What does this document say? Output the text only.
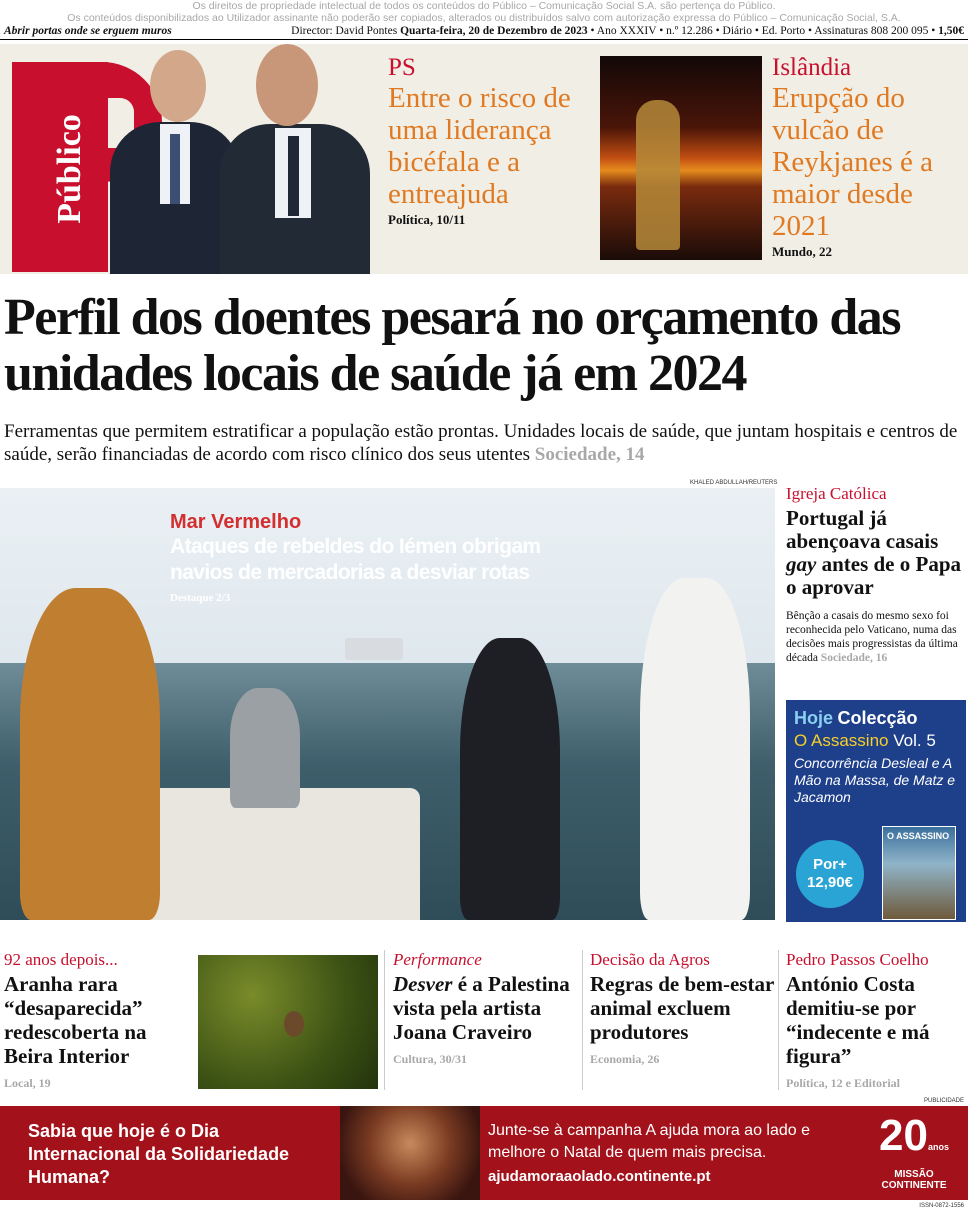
Os direitos de propriedade intelectual de todos os conteúdos do Público – Comunicação Social S.A. são pertença do Público.
Os conteúdos disponibilizados ao Utilizador assinante não poderão ser copiados, alterados ou distribuídos salvo com autorização expressa do Público – Comunicação Social, S.A.
Abrir portas onde se erguem muros	Director: David Pontes Quarta-feira, 20 de Dezembro de 2023 • Ano XXXIV • n.º 12.286 • Diário • Ed. Porto • Assinaturas 808 200 095 • 1,50€
Público
PS
Entre o risco de uma liderança bicéfala e a entreajuda
Política, 10/11
Islândia
Erupção do vulcão de Reykjanes é a maior desde 2021
Mundo, 22
Perfil dos doentes pesará no orçamento das unidades locais de saúde já em 2024
Ferramentas que permitem estratificar a população estão prontas. Unidades locais de saúde, que juntam hospitais e centros de saúde, serão financiadas de acordo com risco clínico dos seus utentes Sociedade, 14
KHALED ABDULLAH/REUTERS
Mar Vermelho
Ataques de rebeldes do Iémen obrigam navios de mercadorias a desviar rotas
Destaque 2/3
Igreja Católica
Portugal já abençoava casais gay antes de o Papa o aprovar
Bênção a casais do mesmo sexo foi reconhecida pelo Vaticano, numa das decisões mais progressistas da última década Sociedade, 16
Hoje Colecção
O Assassino Vol. 5
Concorrência Desleal e A Mão na Massa, de Matz e Jacamon
Por+
12,90€
O ASSASSINO
92 anos depois...
Aranha rara “desaparecida” redescoberta na Beira Interior
Local, 19
Performance
Desver é a Palestina vista pela artista Joana Craveiro
Cultura, 30/31
Decisão da Agros
Regras de bem-estar animal excluem produtores
Economia, 26
Pedro Passos Coelho
António Costa demitiu-se por “indecente e má figura”
Política, 12 e Editorial
PUBLICIDADE
Sabia que hoje é o Dia Internacional da Solidariedade Humana?
Junte-se à campanha A ajuda mora ao lado e melhore o Natal de quem mais precisa.
ajudamoraaolado.continente.pt
20anos
MISSÃO CONTINENTE
ISSN-0872-1556
